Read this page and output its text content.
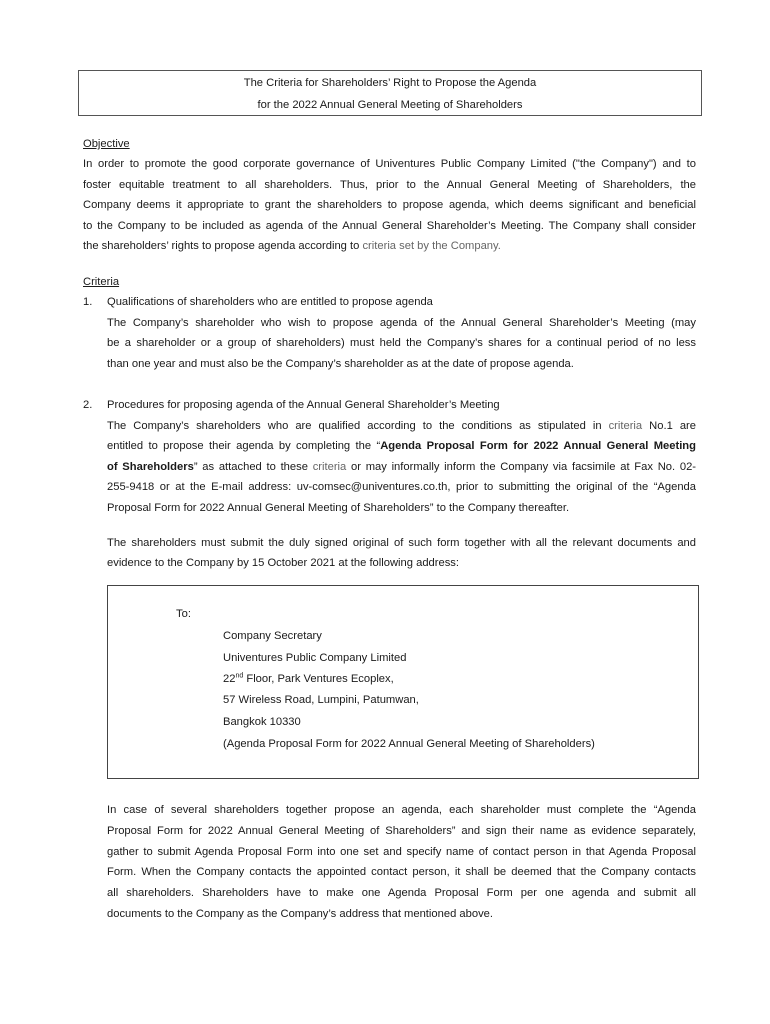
The Criteria for Shareholders’ Right to Propose the Agenda
for the 2022 Annual General Meeting of Shareholders
Objective
In order to promote the good corporate governance of Univentures Public Company Limited ("the Company") and to
foster equitable treatment to all shareholders. Thus, prior to the Annual General Meeting of Shareholders, the
Company deems it appropriate to grant the shareholders to propose agenda, which deems significant and beneficial
to the Company to be included as agenda of the Annual General Shareholder’s Meeting. The Company shall consider
the shareholders’ rights to propose agenda according to criteria set by the Company.
Criteria
1. Qualifications of shareholders who are entitled to propose agenda
The Company’s shareholder who wish to propose agenda of the Annual General Shareholder’s Meeting (may
be a shareholder or a group of shareholders) must held the Company’s shares for a continual period of no less
than one year and must also be the Company’s shareholder as at the date of propose agenda.
2. Procedures for proposing agenda of the Annual General Shareholder’s Meeting
The Company’s shareholders who are qualified according to the conditions as stipulated in criteria No.1 are
entitled to propose their agenda by completing the “Agenda Proposal Form for 2022 Annual General Meeting
of Shareholders” as attached to these criteria or may informally inform the Company via facsimile at Fax No. 02-
255-9418 or at the E-mail address: uv-comsec@univentures.co.th, prior to submitting the original of the “Agenda
Proposal Form for 2022 Annual General Meeting of Shareholders” to the Company thereafter.
The shareholders must submit the duly signed original of such form together with all the relevant documents and
evidence to the Company by 15 October 2021 at the following address:
To:
Company Secretary
Univentures Public Company Limited
22nd Floor, Park Ventures Ecoplex,
57 Wireless Road, Lumpini, Patumwan,
Bangkok 10330
(Agenda Proposal Form for 2022 Annual General Meeting of Shareholders)
In case of several shareholders together propose an agenda, each shareholder must complete the “Agenda
Proposal Form for 2022 Annual General Meeting of Shareholders” and sign their name as evidence separately,
gather to submit Agenda Proposal Form into one set and specify name of contact person in that Agenda Proposal
Form. When the Company contacts the appointed contact person, it shall be deemed that the Company contacts
all shareholders. Shareholders have to make one Agenda Proposal Form per one agenda and submit all
documents to the Company as the Company’s address that mentioned above.
